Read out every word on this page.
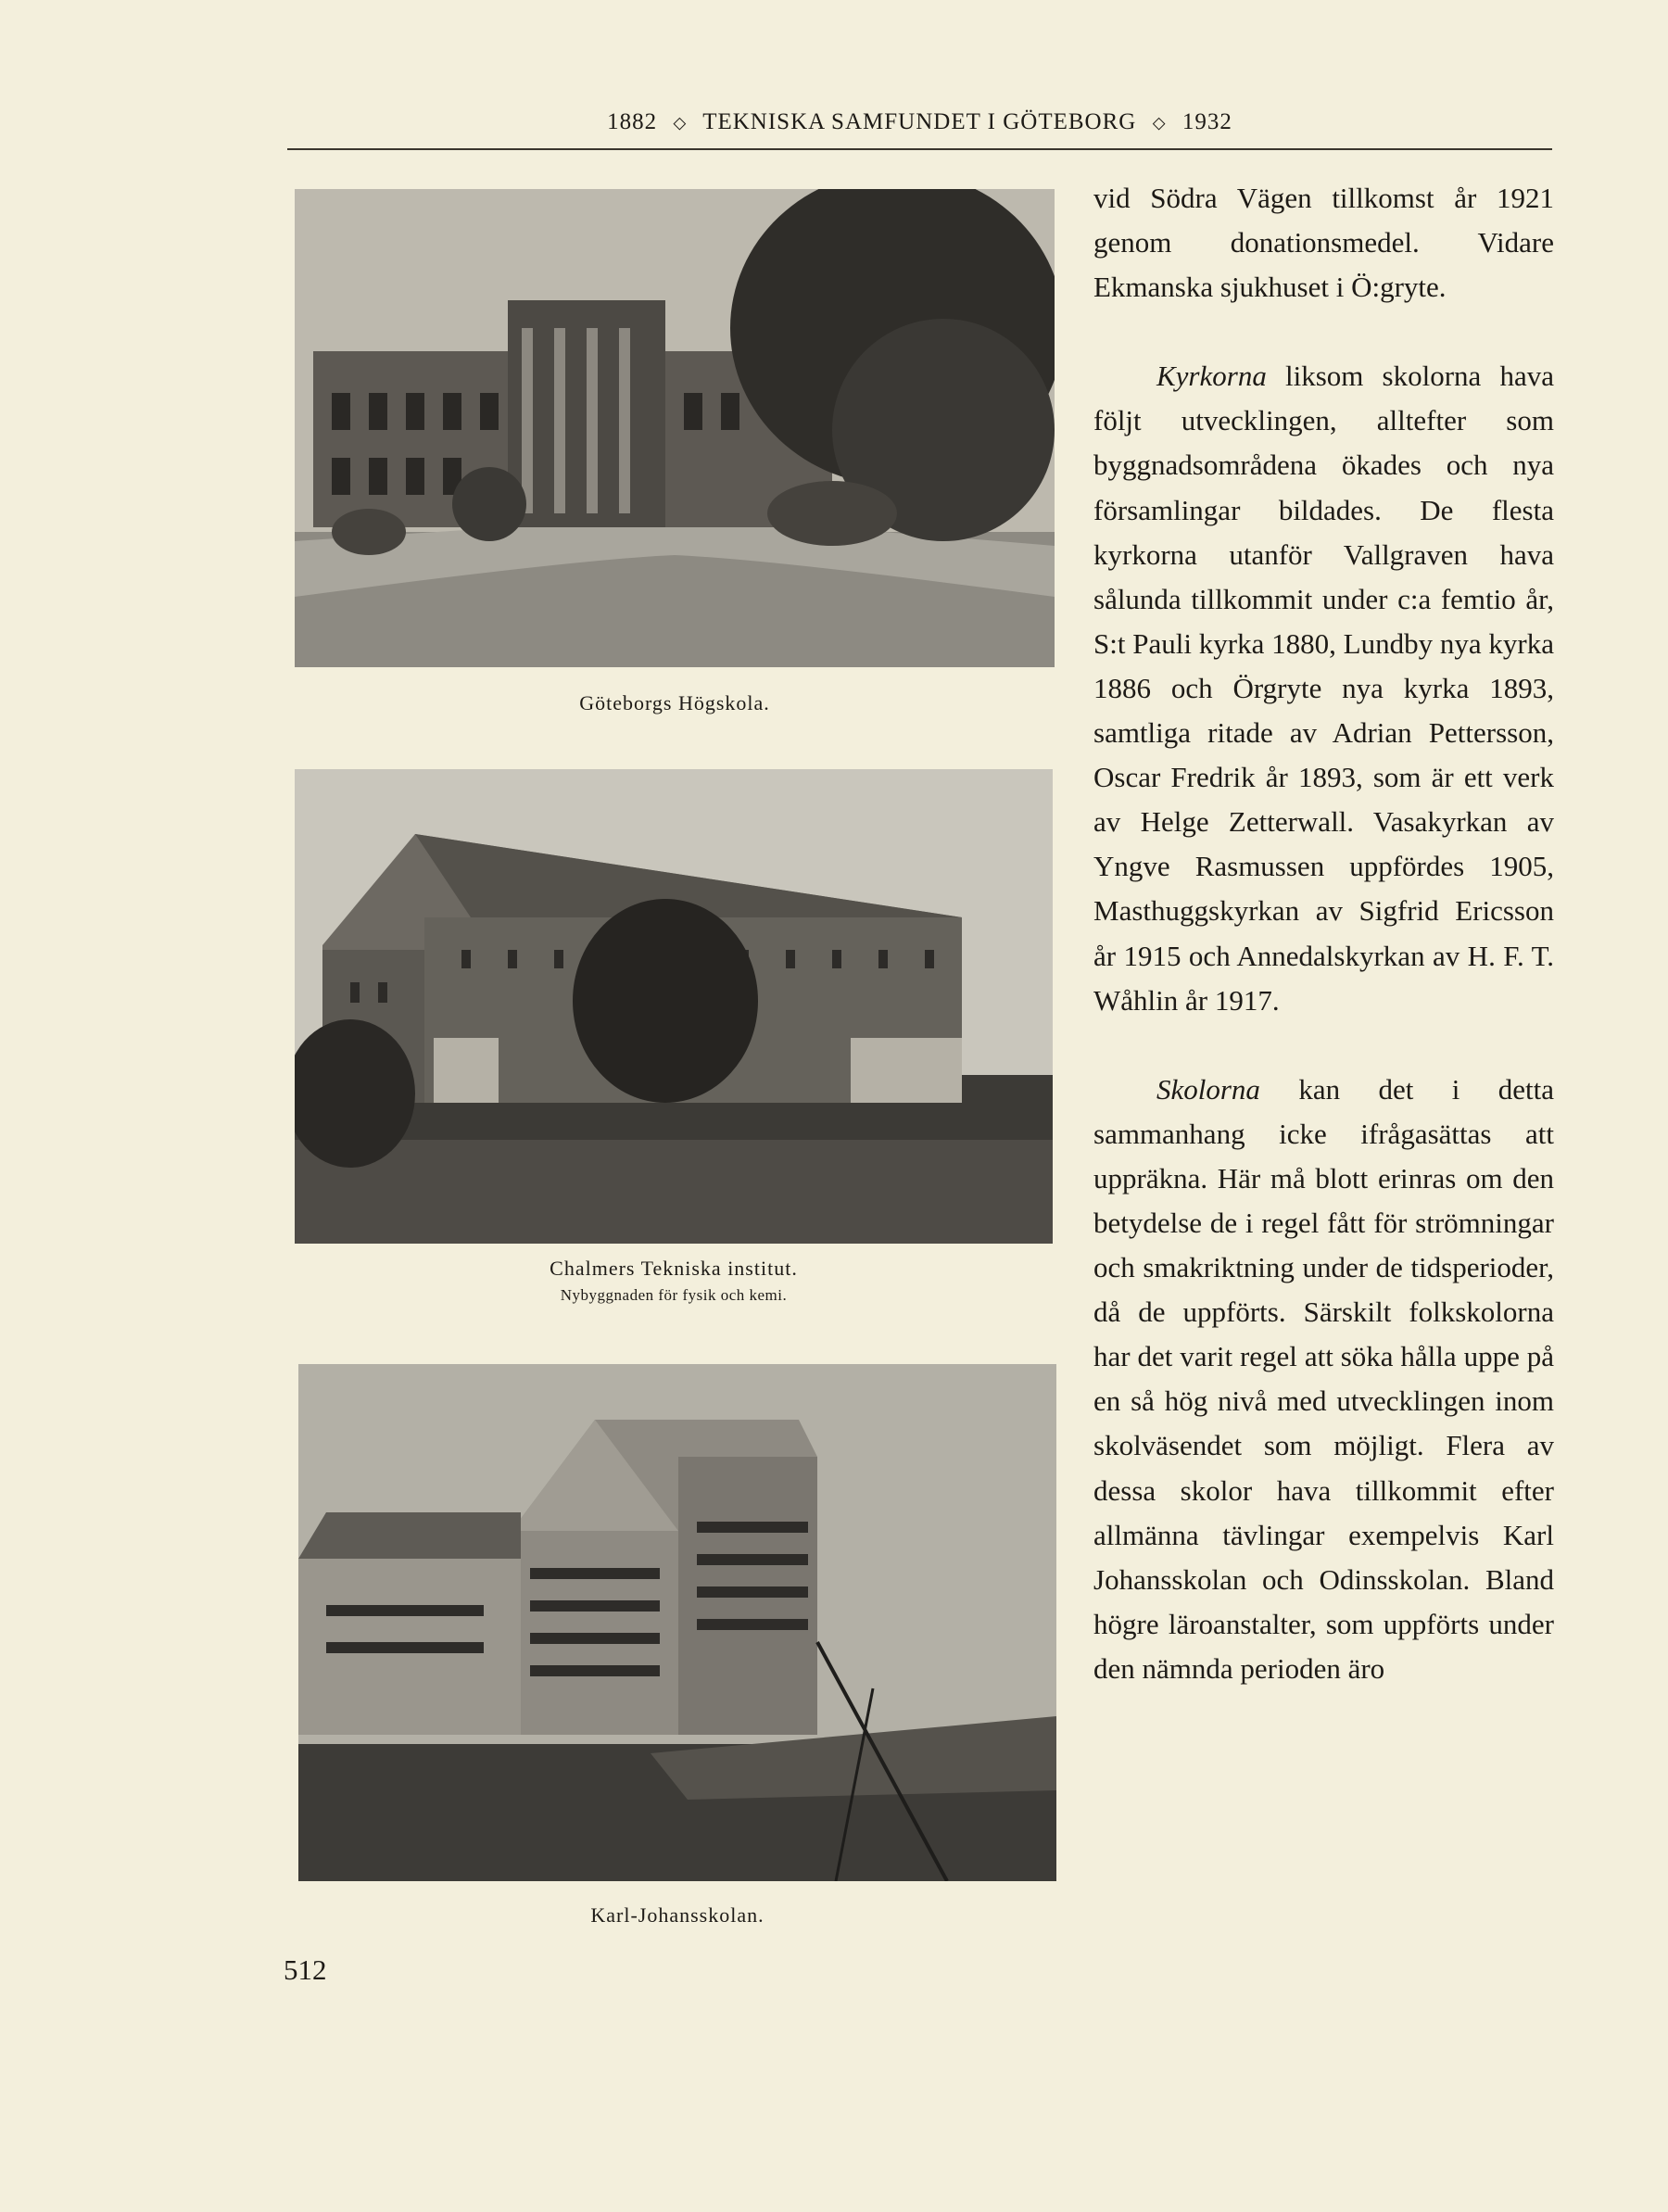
1882 ⬦ TEKNISKA SAMFUNDET I GÖTEBORG ⬦ 1932
Göteborgs Högskola.
Chalmers Tekniska institut.
Nybyggnaden för fysik och kemi.
Karl-Johansskolan.

vid Södra Vägen tillkomst år 1921 genom donationsmedel. Vidare Ekmanska sjukhuset i Ö:gryte.

Kyrkorna liksom skolorna hava följt utvecklingen, alltefter som byggnadsområdena ökades och nya församlingar bildades. De flesta kyrkorna utanför Vallgraven hava sålunda tillkommit under c:a femtio år, S:t Pauli kyrka 1880, Lundby nya kyrka 1886 och Örgryte nya kyrka 1893, samtliga ritade av Adrian Pettersson, Oscar Fredrik år 1893, som är ett verk av Helge Zetterwall. Vasakyrkan av Yngve Rasmussen uppfördes 1905, Masthuggskyrkan av Sigfrid Ericsson år 1915 och Annedalskyrkan av H. F. T. Wåhlin år 1917.

Skolorna kan det i detta sammanhang icke ifrågasättas att uppräkna. Här må blott erinras om den betydelse de i regel fått för strömningar och smakriktning under de tidsperioder, då de uppförts. Särskilt folkskolorna har det varit regel att söka hålla uppe på en så hög nivå med utvecklingen inom skolväsendet som möjligt. Flera av dessa skolor hava tillkommit efter allmänna tävlingar exempelvis Karl Johansskolan och Odinsskolan. Bland högre läroanstalter, som uppförts under den nämnda perioden äro

512
